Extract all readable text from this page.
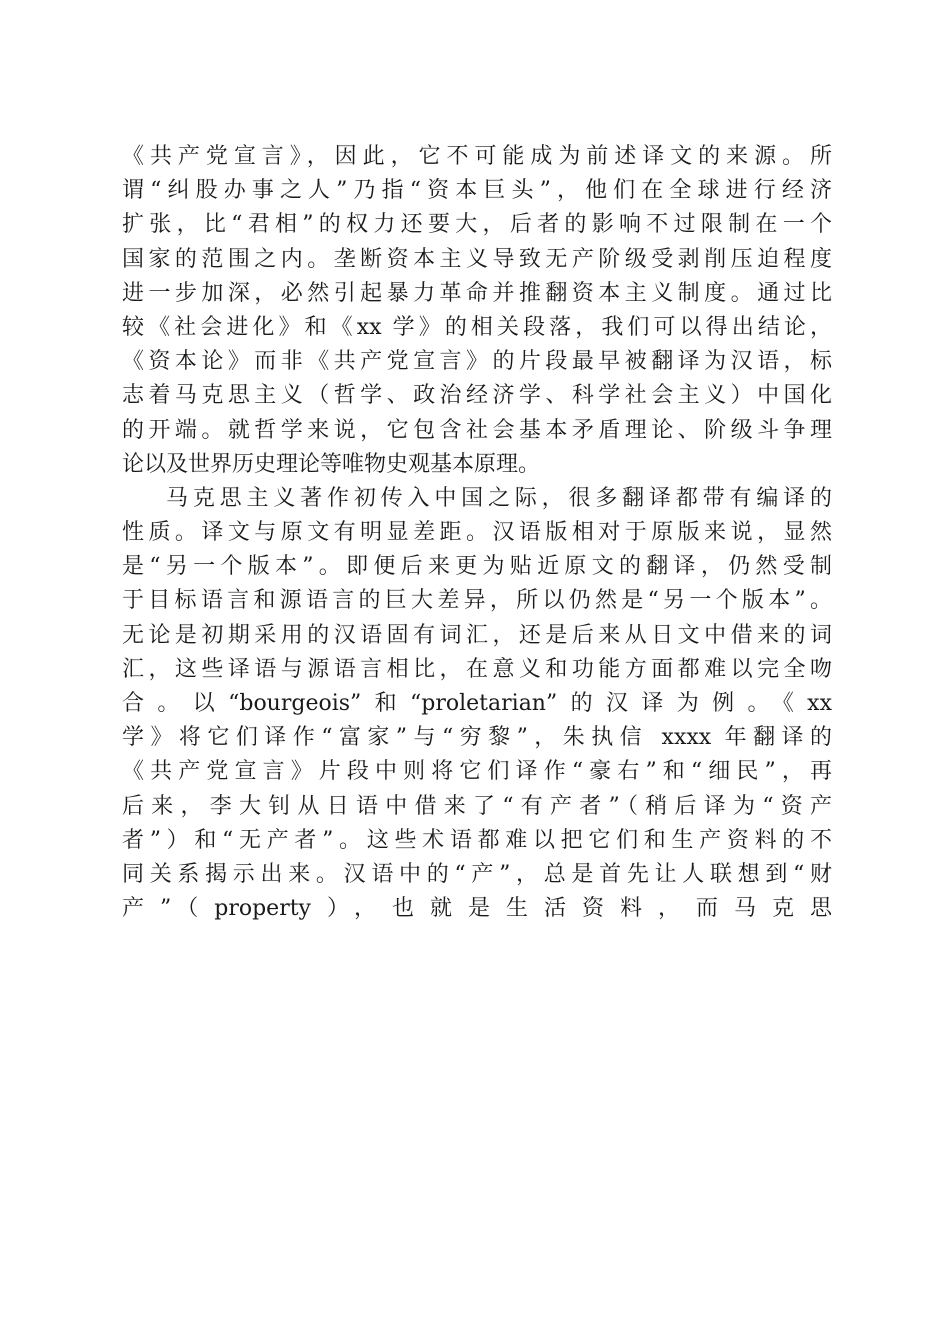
《共产党宣言》，因此，它不可能成为前述译文的来源。所
谓“纠股办事之人”乃指“资本巨头”，他们在全球进行经济
扩张，比“君相”的权力还要大，后者的影响不过限制在一个
国家的范围之内。垄断资本主义导致无产阶级受剥削压迫程度
进一步加深，必然引起暴力革命并推翻资本主义制度。通过比
较《社会进化》和《xx 学》的相关段落，我们可以得出结论，
《资本论》而非《共产党宣言》的片段最早被翻译为汉语，标
志着马克思主义（哲学、政治经济学、科学社会主义）中国化
的开端。就哲学来说，它包含社会基本矛盾理论、阶级斗争理
论以及世界历史理论等唯物史观基本原理。
马克思主义著作初传入中国之际，很多翻译都带有编译的
性质。译文与原文有明显差距。汉语版相对于原版来说，显然
是“另一个版本”。即便后来更为贴近原文的翻译，仍然受制
于目标语言和源语言的巨大差异，所以仍然是“另一个版本”。
无论是初期采用的汉语固有词汇，还是后来从日文中借来的词
汇，这些译语与源语言相比，在意义和功能方面都难以完全吻
合。以“bourgeois”和“proletarian”的汉译为例。《xx
学》将它们译作“富家”与“穷黎”，朱执信 xxxx 年翻译的
《共产党宣言》片段中则将它们译作“豪右”和“细民”，再
后来，李大钊从日语中借来了“有产者”（稍后译为“资产
者”）和“无产者”。这些术语都难以把它们和生产资料的不
同关系揭示出来。汉语中的“产”，总是首先让人联想到“财
产”（property），也就是生活资料，而马克思
